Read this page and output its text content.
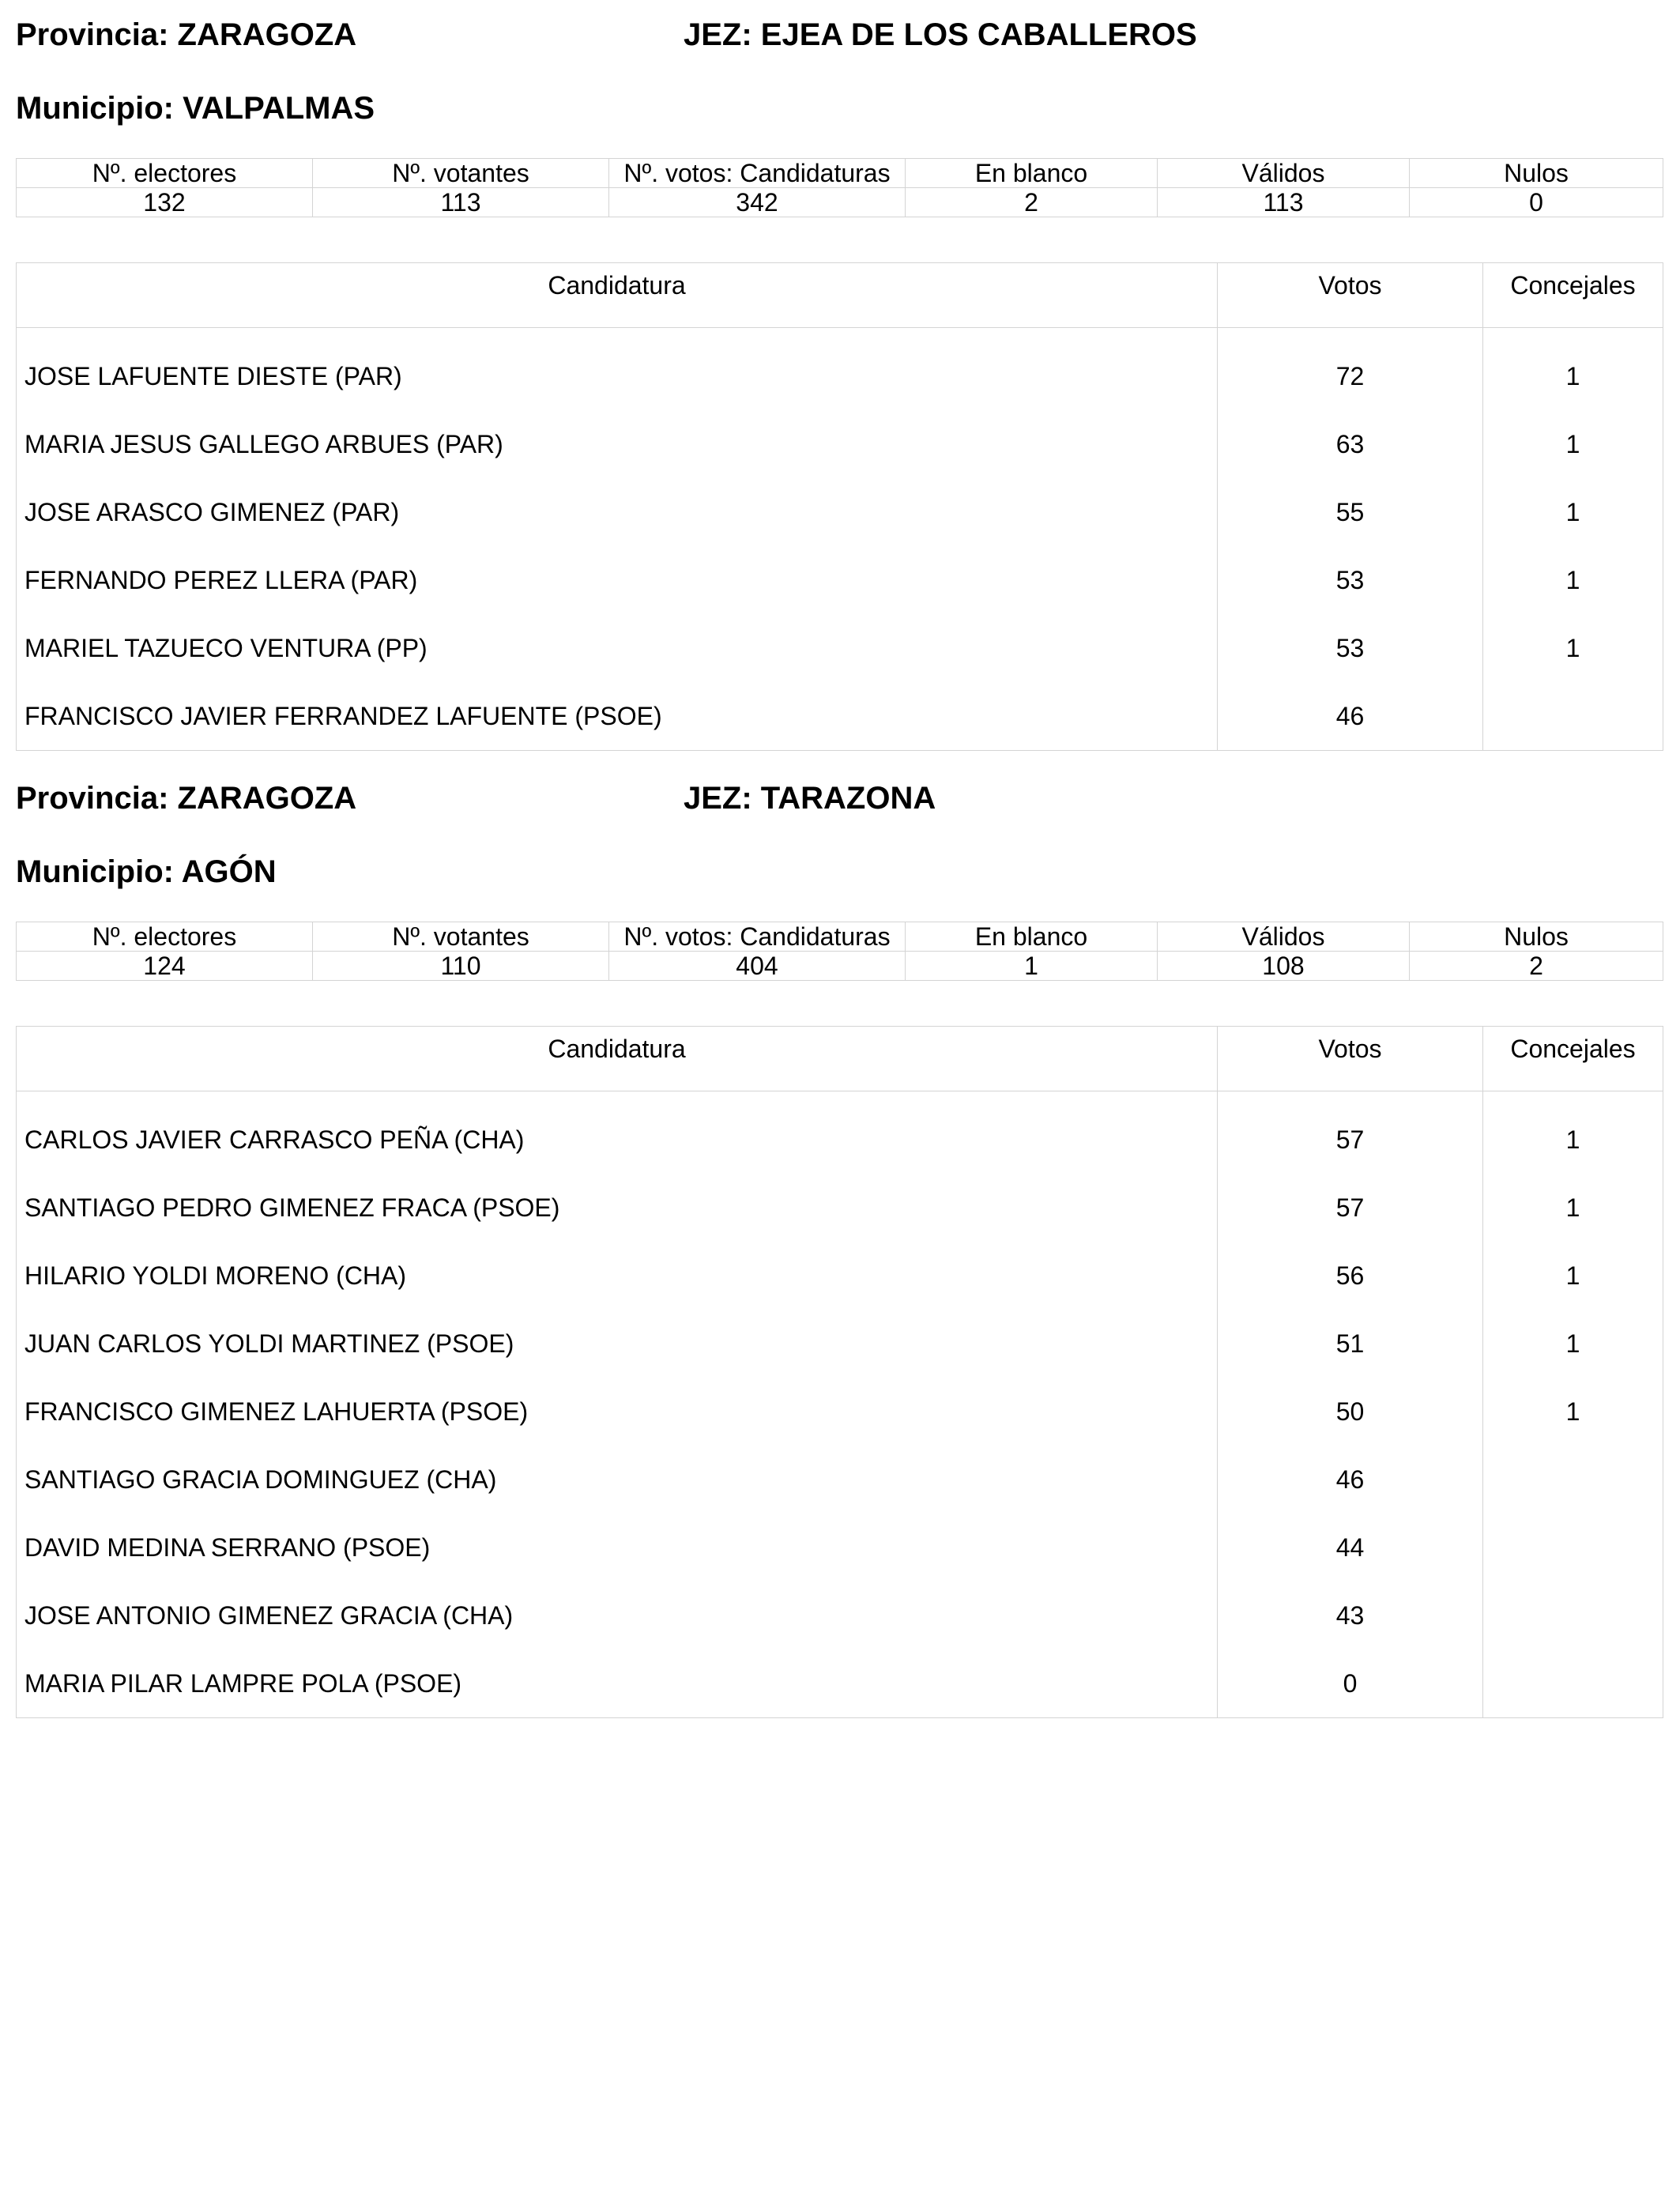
Provincia: ZARAGOZA	JEZ: EJEA DE LOS CABALLEROS
Municipio: VALPALMAS
Nº. electores	Nº. votantes	Nº. votos: Candidaturas	En blanco	Válidos	Nulos
132	113	342	2	113	0
Candidatura	Votos	Concejales
JOSE LAFUENTE DIESTE (PAR)	72	1
MARIA JESUS GALLEGO ARBUES (PAR)	63	1
JOSE ARASCO GIMENEZ (PAR)	55	1
FERNANDO PEREZ LLERA (PAR)	53	1
MARIEL TAZUECO VENTURA (PP)	53	1
FRANCISCO JAVIER FERRANDEZ LAFUENTE (PSOE)	46	
Provincia: ZARAGOZA	JEZ: TARAZONA
Municipio: AGÓN
Nº. electores	Nº. votantes	Nº. votos: Candidaturas	En blanco	Válidos	Nulos
124	110	404	1	108	2
Candidatura	Votos	Concejales
CARLOS JAVIER CARRASCO PEÑA (CHA)	57	1
SANTIAGO PEDRO GIMENEZ FRACA (PSOE)	57	1
HILARIO YOLDI MORENO (CHA)	56	1
JUAN CARLOS YOLDI MARTINEZ (PSOE)	51	1
FRANCISCO GIMENEZ LAHUERTA (PSOE)	50	1
SANTIAGO GRACIA DOMINGUEZ (CHA)	46	
DAVID MEDINA SERRANO (PSOE)	44	
JOSE ANTONIO GIMENEZ GRACIA (CHA)	43	
MARIA PILAR LAMPRE POLA (PSOE)	0	
